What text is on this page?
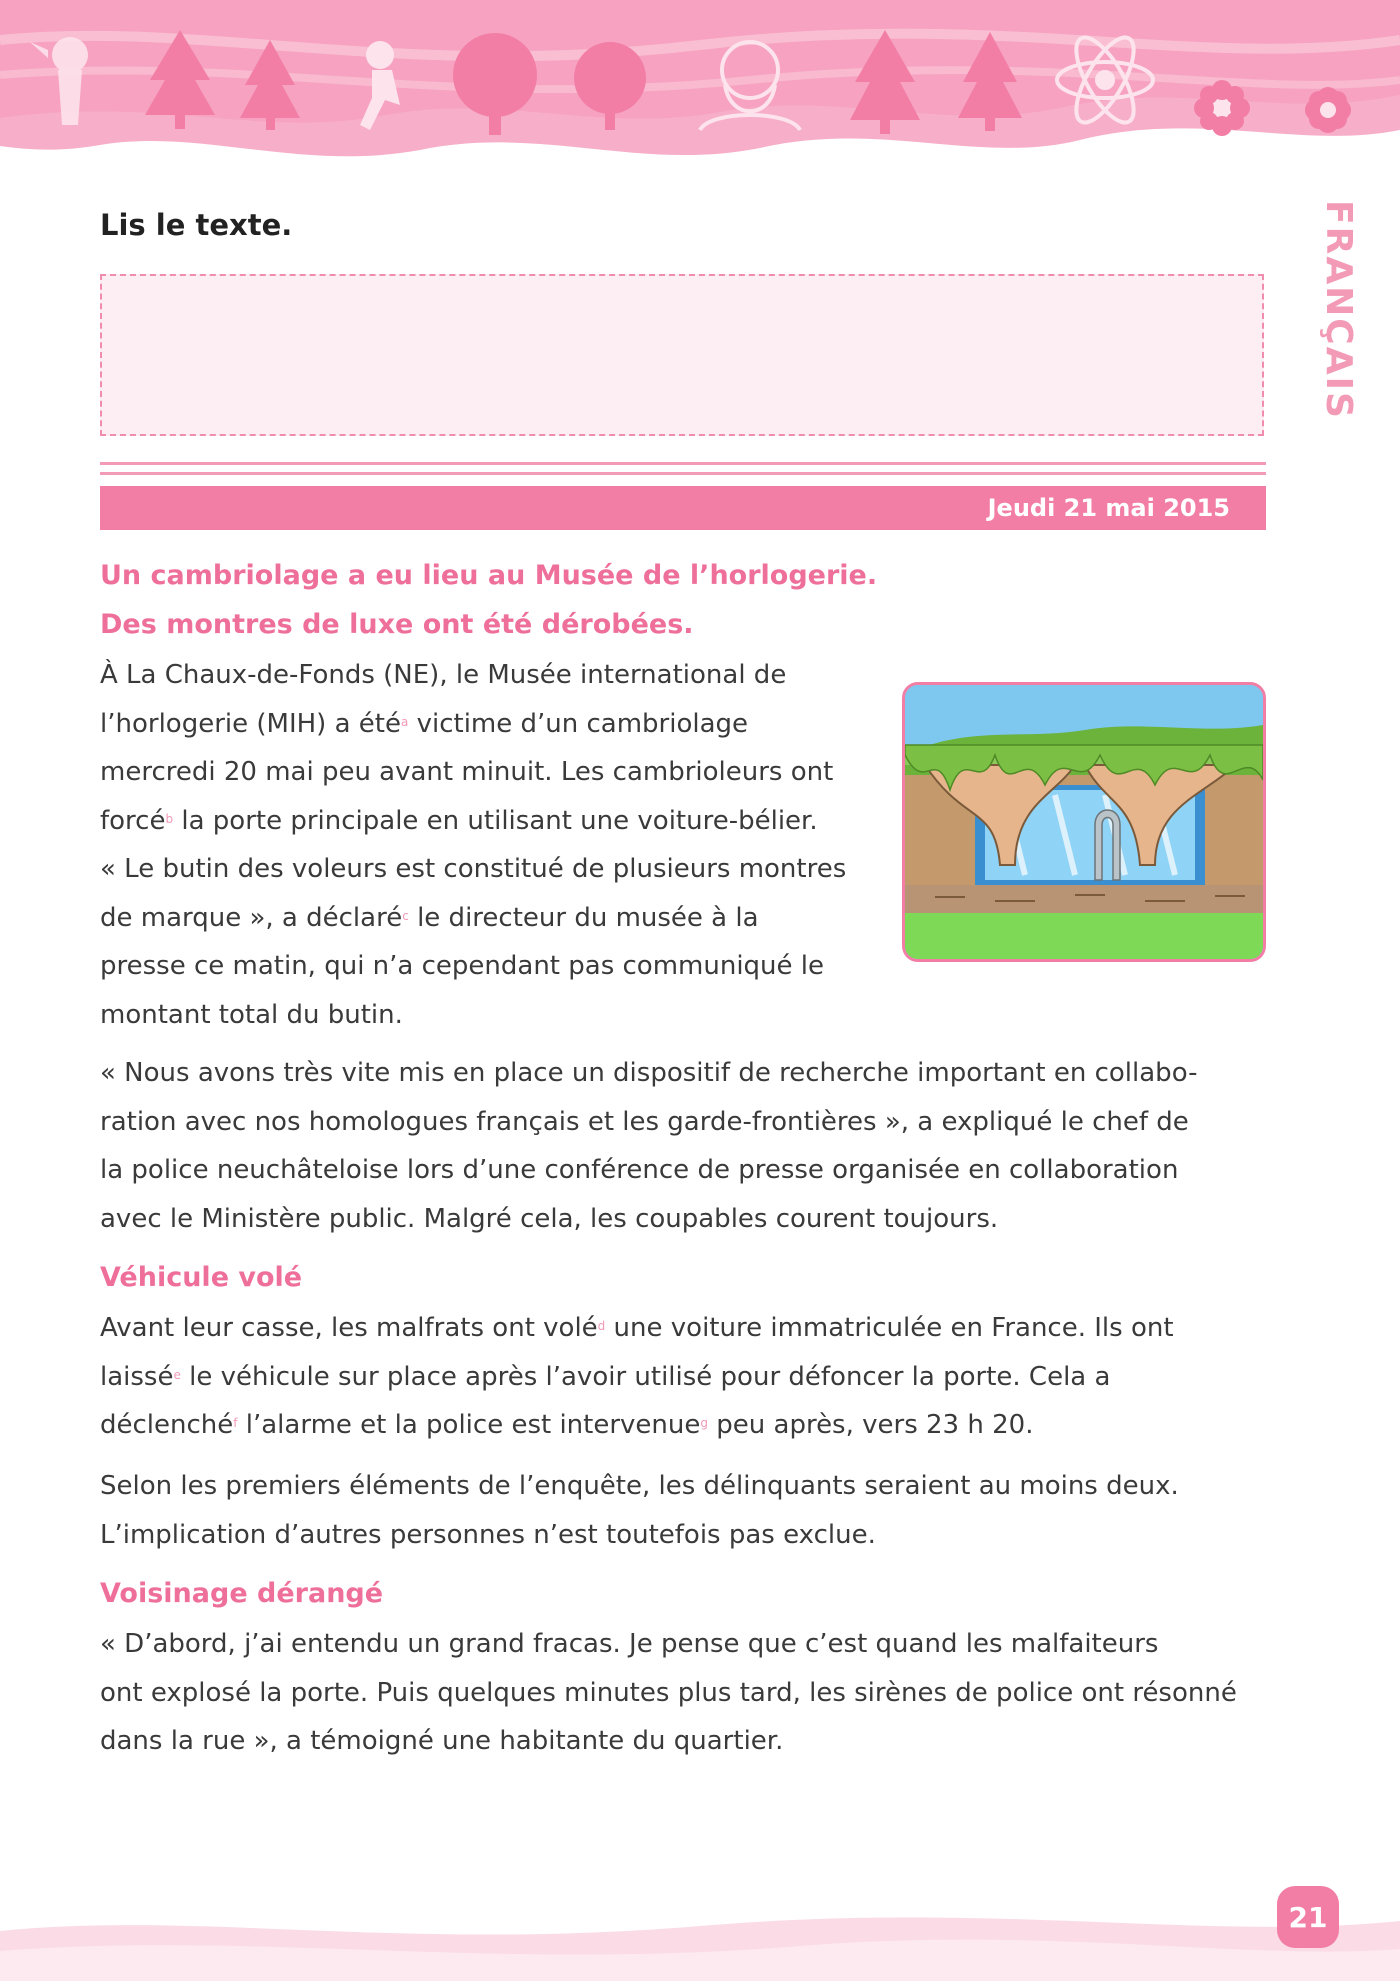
FRANÇAIS
Lis le texte.
Jeudi 21 mai 2015
Un cambriolage a eu lieu au Musée de l’horlogerie.
Des montres de luxe ont été dérobées.
À La Chaux-de-Fonds (NE), le Musée international de
l’horlogerie (MIH) a été$^a$ victime d’un cambriolage
mercredi 20 mai peu avant minuit. Les cambrioleurs ont
forcé$^b$ la porte principale en utilisant une voiture-bélier.
« Le butin des voleurs est constitué de plusieurs montres
de marque », a déclaré$^c$ le directeur du musée à la
presse ce matin, qui n’a cependant pas communiqué le
montant total du butin.
« Nous avons très vite mis en place un dispositif de recherche important en collabo-
ration avec nos homologues français et les garde-frontières », a expliqué le chef de
la police neuchâteloise lors d’une conférence de presse organisée en collaboration
avec le Ministère public. Malgré cela, les coupables courent toujours.
Véhicule volé
Avant leur casse, les malfrats ont volé$^d$ une voiture immatriculée en France. Ils ont
laissé$^e$ le véhicule sur place après l’avoir utilisé pour défoncer la porte. Cela a
déclenché$^f$ l’alarme et la police est intervenue$^g$ peu après, vers 23 h 20.
Selon les premiers éléments de l’enquête, les délinquants seraient au moins deux.
L’implication d’autres personnes n’est toutefois pas exclue.
Voisinage dérangé
« D’abord, j’ai entendu un grand fracas. Je pense que c’est quand les malfaiteurs
ont explosé la porte. Puis quelques minutes plus tard, les sirènes de police ont résonné
dans la rue », a témoigné une habitante du quartier.
21
